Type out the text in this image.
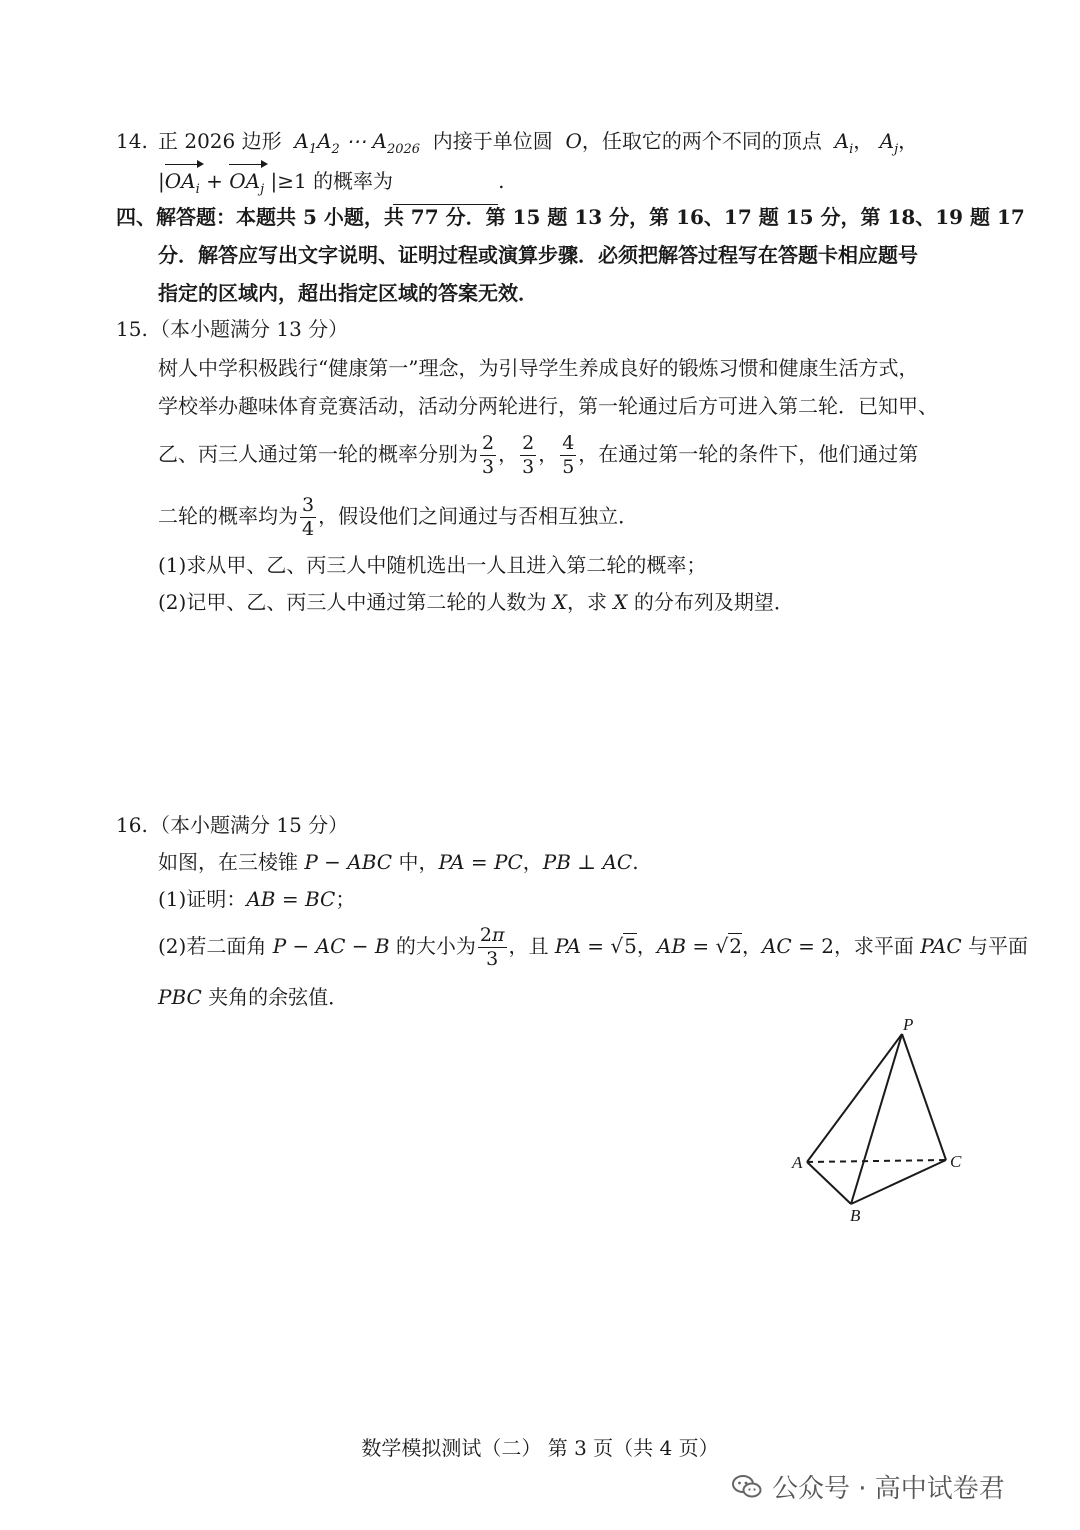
14. 正 2026 边形  $A_1A_2$ ⋯ $A_{2026}$ 内接于单位圆  O，任取它的两个不同的顶点  $A_i$， $A_j$，
$|OA_i + OA_j$ |≥1 的概率为	.
四、解答题：本题共 5 小题，共 77 分．第 15 题 13 分，第 16、17 题 15 分，第 18、19 题 17
分．解答应写出文字说明、证明过程或演算步骤．必须把解答过程写在答题卡相应题号
指定的区域内，超出指定区域的答案无效．
15. （本小题满分 13 分）
树人中学积极践行“健康第一”理念，为引导学生养成良好的锻炼习惯和健康生活方式，
学校举办趣味体育竞赛活动，活动分两轮进行，第一轮通过后方可进入第二轮．已知甲、
乙、丙三人通过第一轮的概率分别为 $\frac{2}{3}$ ， $\frac{2}{3}$ ， $\frac{4}{5}$ ，在通过第一轮的条件下，他们通过第
二轮的概率均为 $\frac{3}{4}$ ，假设他们之间通过与否相互独立．
(1)求从甲、乙、丙三人中随机选出一人且进入第二轮的概率；
(2)记甲、乙、丙三人中通过第二轮的人数为 X，求 X 的分布列及期望．
16. （本小题满分 15 分）
如图，在三棱锥 P − ABC 中，PA = PC，PB ⊥ AC.
(1)证明：AB = BC；
(2)若二面角 P − AC − B 的大小为 $\frac{2\pi}{3}$ ，且 PA = √5，AB = √2，AC = 2，求平面 PAC 与平面
PBC 夹角的余弦值．
P
A	C
B
数学模拟测试（二） 第 3 页（共 4 页）
公众号 · 高中试卷君
